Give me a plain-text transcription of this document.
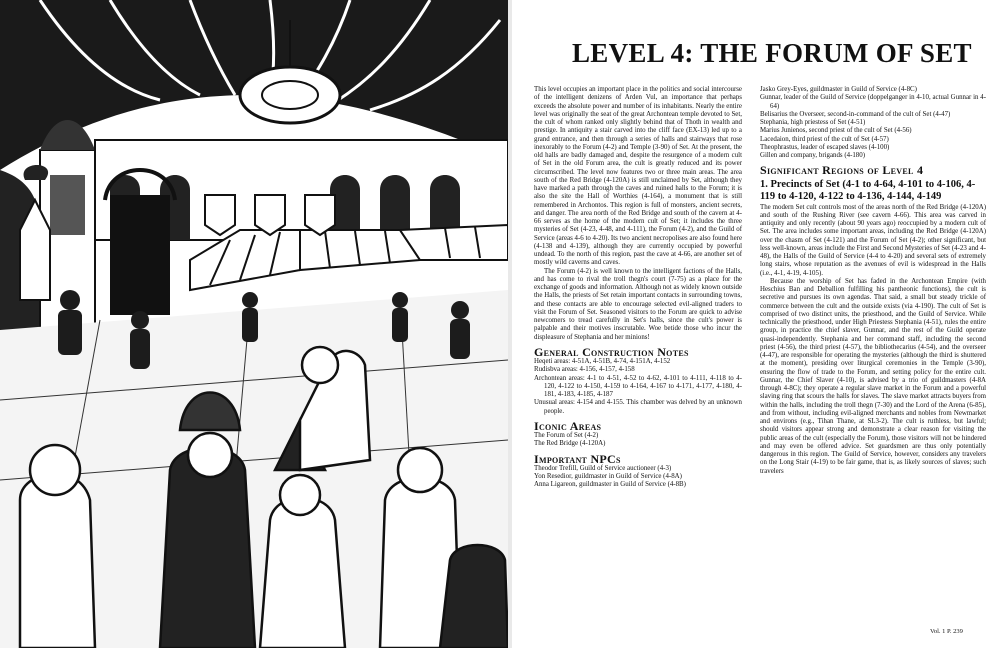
LEVEL 4: THE FORUM OF SET

This level occupies an important place in the politics and social intercourse of the intelligent denizens of Arden Vul, an importance that perhaps exceeds the absolute power and number of its inhabitants. Nearly the entire level was originally the seat of the great Archontean temple devoted to Set, the cult of whom ranked only slightly behind that of Thoth in wealth and prestige. In antiquity a stair carved into the cliff face (EX-13) led up to a grand entrance, and then through a series of halls and stairways that rose inexorably to the Forum (4-2) and Temple (3-90) of Set. At the present, the old halls are badly damaged and, despite the resurgence of a modern cult of Set in the old Forum area, the cult is greatly reduced and its power circumscribed. The level now features two or three main areas. The area south of the Red Bridge (4-120A) is still unclaimed by Set, although they have marked a path through the caves and ruined halls to the Forum; it is also the site the Hall of Worthies (4-164), a monument that is still remembered in Archontos. This region is full of monsters, ancient secrets, and danger. The area north of the Red Bridge and south of the cavern at 4-66 serves as the home of the modern cult of Set; it includes the three mysteries of Set (4-23, 4-48, and 4-111), the Forum (4-2), and the Guild of Service (areas 4-6 to 4-20). Its two ancient necropolises are also found here (4-138 and 4-139), although they are currently occupied by powerful undead. To the north of this region, past the cave at 4-66, are another set of mostly wild caverns and caves.

The Forum (4-2) is well known to the intelligent factions of the Halls, and has come to rival the troll thegn's court (7-75) as a place for the exchange of goods and information. Although not as widely known outside the Halls, the priests of Set retain important contacts in surrounding towns, and these contacts are able to encourage selected evil-aligned traders to visit the Forum of Set. Seasoned visitors to the Forum are quick to advise newcomers to tread carefully in Set's halls, since the cult's power is palpable and their motives inscrutable. Woe betide those who incur the displeasure of Stephania and her minions!

General Construction Notes

Heqeti areas: 4-51A, 4-51B, 4-74, 4-151A, 4-152

Rudisbva areas: 4-156, 4-157, 4-158

Archontean areas: 4-1 to 4-51, 4-52 to 4-62, 4-101 to 4-111, 4-118 to 4-120, 4-122 to 4-150, 4-159 to 4-164, 4-167 to 4-171, 4-177, 4-180, 4-181, 4-183, 4-185, 4-187

Unusual areas: 4-154 and 4-155. This chamber was delved by an unknown people.

Iconic Areas

The Forum of Set (4-2)

The Red Bridge (4-120A)

Important NPCs

Theodor Trefill, Guild of Service auctioneer (4-3)

Yon Resedior, guildmaster in Guild of Service (4-8A)

Anna Ligareon, guildmaster in Guild of Service (4-8B)

Jasko Grey-Eyes, guildmaster in Guild of Service (4-8C)

Gunnar, leader of the Guild of Service (doppelganger in 4-10, actual Gunnar in 4-64)

Belisarius the Overseer, second-in-command of the cult of Set (4-47)

Stephania, high priestess of Set (4-51)

Marius Junienos, second priest of the cult of Set (4-56)

Lacedaion, third priest of the cult of Set (4-57)

Theophrastus, leader of escaped slaves (4-100)

Gillen and company, brigands (4-180)

Significant Regions of Level 4
1. Precincts of Set (4-1 to 4-64, 4-101 to 4-106, 4-119 to 4-120, 4-122 to 4-136, 4-144, 4-149

The modern Set cult controls most of the areas north of the Red Bridge (4-120A) and south of the Rushing River (see cavern 4-66). This area was carved in antiquity and only recently (about 90 years ago) reoccupied by a modern cult of Set. The area includes some important areas, including the Red Bridge (4-120A) over the chasm of Set (4-121) and the Forum of Set (4-2); other significant, but less well-known, areas include the First and Second Mysteries of Set (4-23 and 4-48), the Halls of the Guild of Service (4-4 to 4-20) and several sets of extremely long stairs, whose reputation as the avenues of evil is widespread in the Halls (i.e., 4-1, 4-19, 4-105).

Because the worship of Set has faded in the Archontean Empire (with Heschius Ban and Deballion fulfilling his pantheonic functions), the cult is secretive and pursues its own agendas. That said, a small but steady trickle of commerce between the cult and the outside exists (via 4-190). The cult of Set is comprised of two distinct units, the priesthood, and the Guild of Service. While technically the priesthood, under High Priestess Stephania (4-51), rules the entire group, in practice the chief slaver, Gunnar, and the rest of the Guild operate quasi-independently. Stephania and her command staff, including the second priest (4-56), the third priest (4-57), the bibliothecarius (4-54), and the overseer (4-47), are responsible for operating the mysteries (although the third is shuttered at the moment), presiding over liturgical ceremonies in the Temple (3-90), ensuring the flow of trade to the Forum, and setting policy for the entire cult. Gunnar, the Chief Slaver (4-10), is advised by a trio of guildmasters (4-8A through 4-8C); they operate a regular slave market in the Forum and a powerful slaving ring that scours the halls for slaves. The slave market attracts buyers from within the halls, including the troll thegn (7-30) and the Lord of the Arena (6-85), and from without, including evil-aligned merchants and nobles from Newmarket and environs (e.g., Tihan Thane, at SL3-2). The cult is ruthless, but lawful; should visitors appear strong and demonstrate a clear reason for visiting the public areas of the cult (especially the Forum), those visitors will not be hindered and may even be offered advice. Set guardsmen are thus only potentially dangerous in this region. The Guild of Service, however, considers any travelers on the Long Stair (4-19) to be fair game, that is, as likely sources of slaves; such travelers

Vol. 1 P. 239
